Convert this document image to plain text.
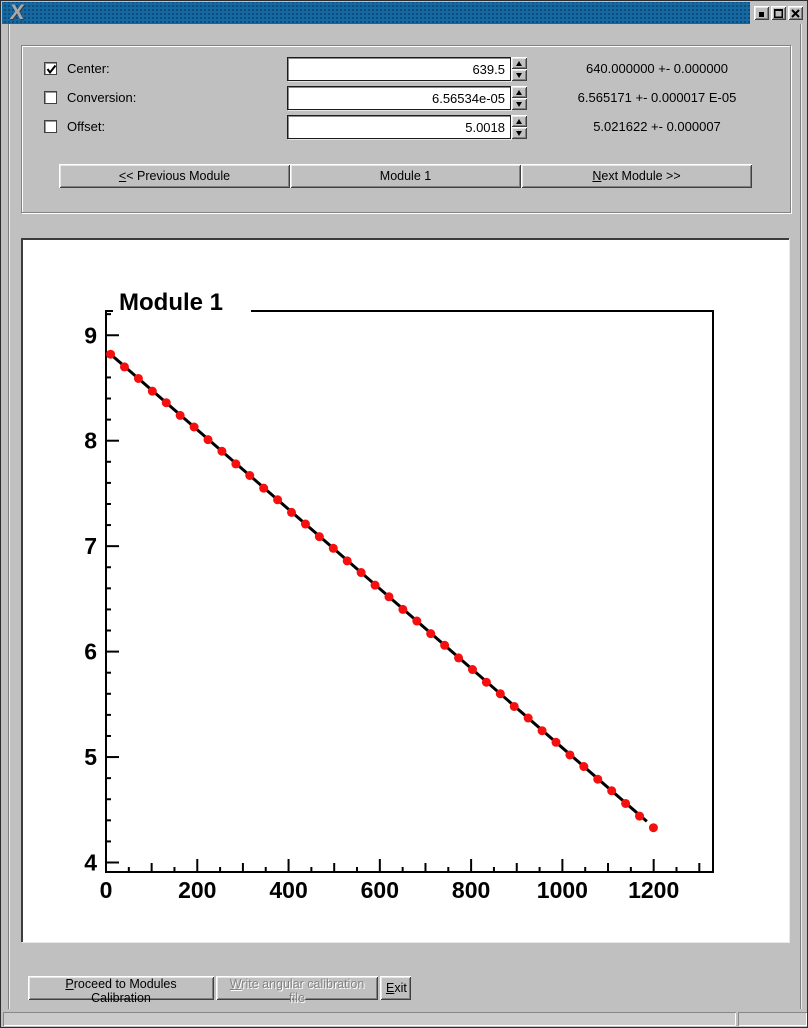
X
Center:
639.5	640.000000 +- 0.000000
Conversion:
6.56534e-05	6.565171 +- 0.000017 E-05
Offset:
5.0018	5.021622 +- 0.000007
<< Previous Module	Module 1	Next Module >>
4
5
6
7
8
9
0	200 400 600 800 1000 1200
Module 1
Proceed to Modules Calibration
Write angular calibration file
Exit
